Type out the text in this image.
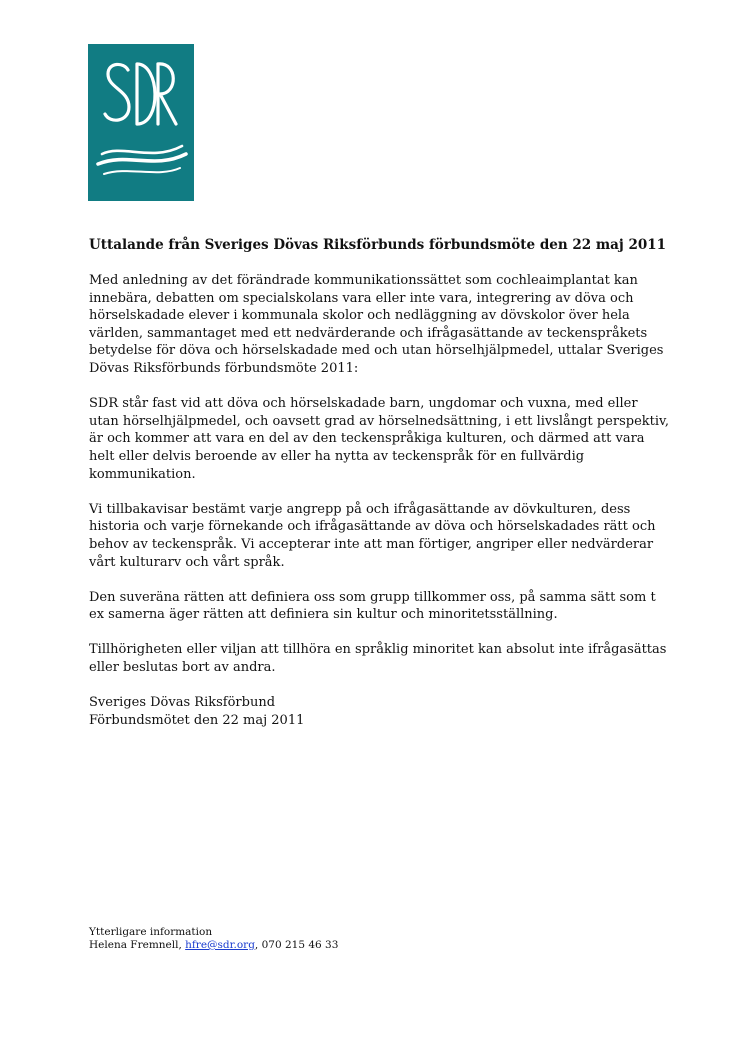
SVERIGES DÖVAS
RIKSFÖRBUND
Uttalande från Sveriges Dövas Riksförbunds förbundsmöte den 22 maj 2011

Med anledning av det förändrade kommunikationssättet som cochleaimplantat kan innebära, debatten om specialskolans vara eller inte vara, integrering av döva och hörselskadade elever i kommunala skolor och nedläggning av dövskolor över hela världen, sammantaget med ett nedvärderande och ifrågasättande av teckenspråkets betydelse för döva och hörselskadade med och utan hörselhjälpmedel, uttalar Sveriges Dövas Riksförbunds förbundsmöte 2011:

SDR står fast vid att döva och hörselskadade barn, ungdomar och vuxna, med eller utan hörselhjälpmedel, och oavsett grad av hörselnedsättning, i ett livslångt perspektiv, är och kommer att vara en del av den teckenspråkiga kulturen, och därmed att vara helt eller delvis beroende av eller ha nytta av teckenspråk för en fullvärdig kommunikation.

Vi tillbakavisar bestämt varje angrepp på och ifrågasättande av dövkulturen, dess historia och varje förnekande och ifrågasättande av döva och hörselskadades rätt och behov av teckenspråk. Vi accepterar inte att man förtiger, angriper eller nedvärderar vårt kulturarv och vårt språk.

Den suveräna rätten att definiera oss som grupp tillkommer oss, på samma sätt som t ex samerna äger rätten att definiera sin kultur och minoritetsställning.

Tillhörigheten eller viljan att tillhöra en språklig minoritet kan absolut inte ifrågasättas eller beslutas bort av andra.

Sveriges Dövas Riksförbund
Förbundsmötet den 22 maj 2011
Ytterligare information
Helena Fremnell, hfre@sdr.org, 070 215 46 33
